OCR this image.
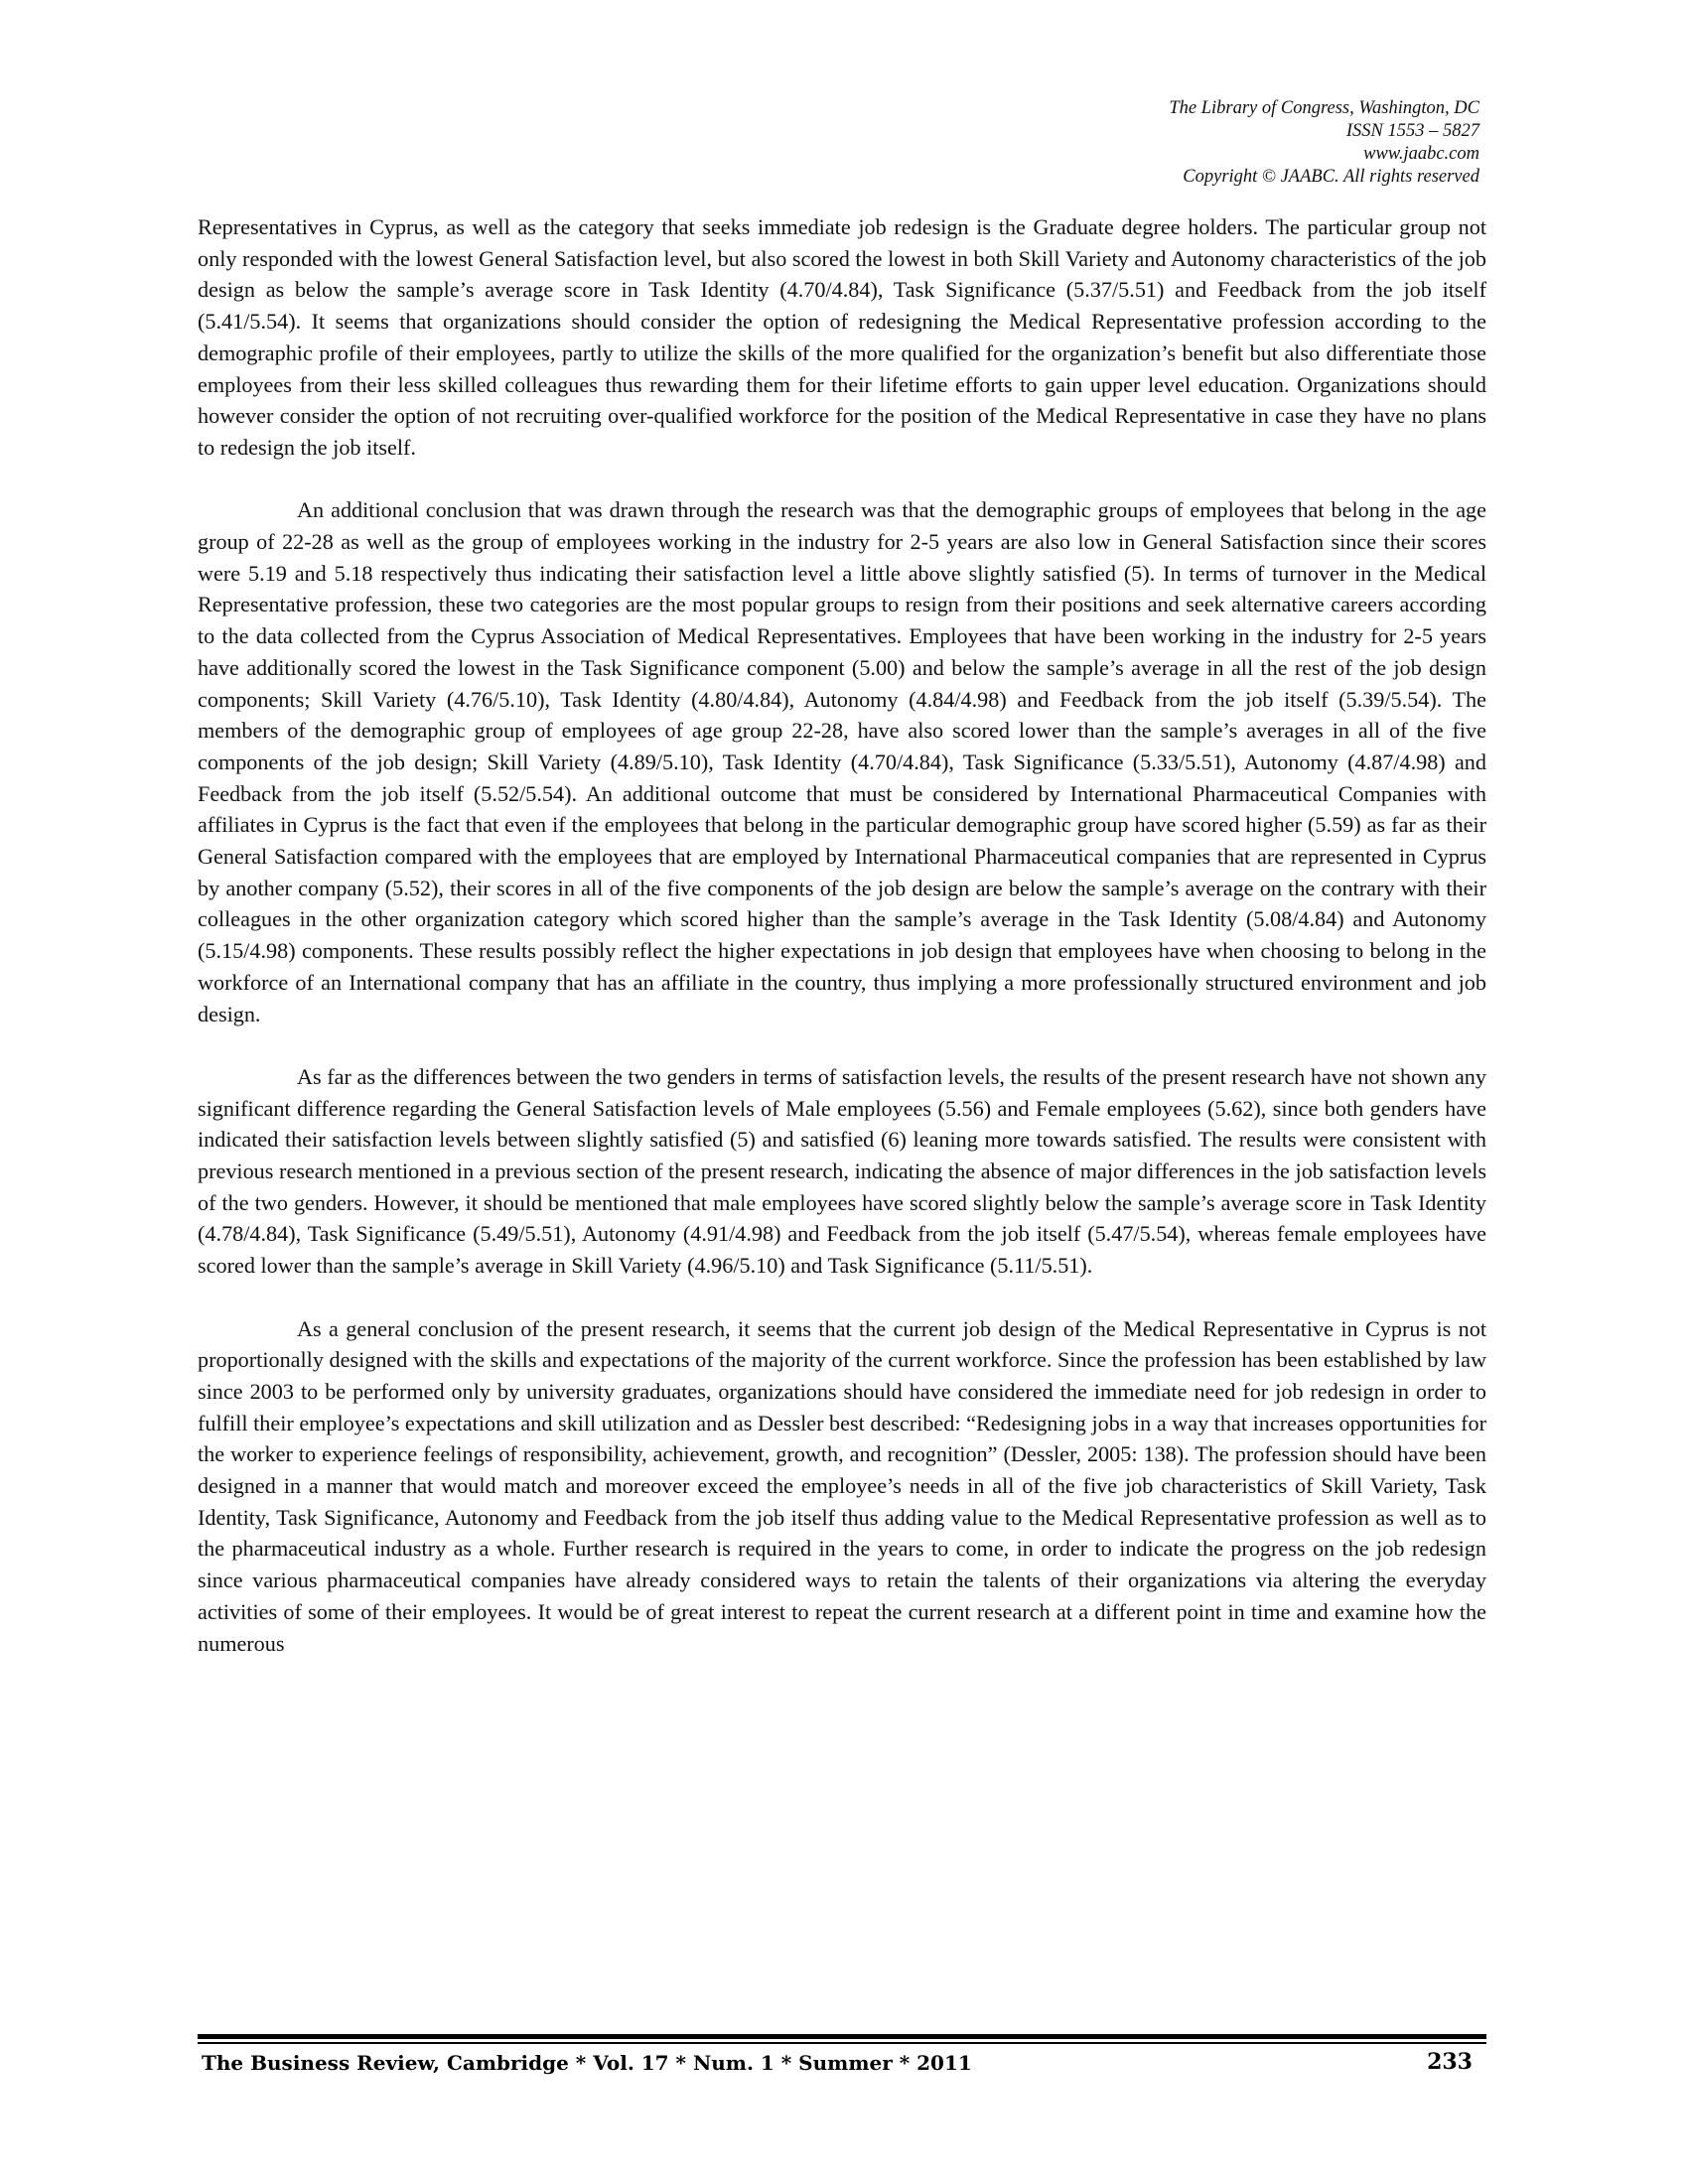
The Library of Congress, Washington, DC
ISSN 1553 – 5827
www.jaabc.com
Copyright © JAABC. All rights reserved

Representatives in Cyprus, as well as the category that seeks immediate job redesign is the Graduate degree holders. The particular group not only responded with the lowest General Satisfaction level, but also scored the lowest in both Skill Variety and Autonomy characteristics of the job design as below the sample’s average score in Task Identity (4.70/4.84), Task Significance (5.37/5.51) and Feedback from the job itself (5.41/5.54). It seems that organizations should consider the option of redesigning the Medical Representative profession according to the demographic profile of their employees, partly to utilize the skills of the more qualified for the organization’s benefit but also differentiate those employees from their less skilled colleagues thus rewarding them for their lifetime efforts to gain upper level education. Organizations should however consider the option of not recruiting over-qualified workforce for the position of the Medical Representative in case they have no plans to redesign the job itself.

An additional conclusion that was drawn through the research was that the demographic groups of employees that belong in the age group of 22-28 as well as the group of employees working in the industry for 2-5 years are also low in General Satisfaction since their scores were 5.19 and 5.18 respectively thus indicating their satisfaction level a little above slightly satisfied (5). In terms of turnover in the Medical Representative profession, these two categories are the most popular groups to resign from their positions and seek alternative careers according to the data collected from the Cyprus Association of Medical Representatives. Employees that have been working in the industry for 2-5 years have additionally scored the lowest in the Task Significance component (5.00) and below the sample’s average in all the rest of the job design components; Skill Variety (4.76/5.10), Task Identity (4.80/4.84), Autonomy (4.84/4.98) and Feedback from the job itself (5.39/5.54). The members of the demographic group of employees of age group 22-28, have also scored lower than the sample’s averages in all of the five components of the job design; Skill Variety (4.89/5.10), Task Identity (4.70/4.84), Task Significance (5.33/5.51), Autonomy (4.87/4.98) and Feedback from the job itself (5.52/5.54). An additional outcome that must be considered by International Pharmaceutical Companies with affiliates in Cyprus is the fact that even if the employees that belong in the particular demographic group have scored higher (5.59) as far as their General Satisfaction compared with the employees that are employed by International Pharmaceutical companies that are represented in Cyprus by another company (5.52), their scores in all of the five components of the job design are below the sample’s average on the contrary with their colleagues in the other organization category which scored higher than the sample’s average in the Task Identity (5.08/4.84) and Autonomy (5.15/4.98) components. These results possibly reflect the higher expectations in job design that employees have when choosing to belong in the workforce of an International company that has an affiliate in the country, thus implying a more professionally structured environment and job design.

As far as the differences between the two genders in terms of satisfaction levels, the results of the present research have not shown any significant difference regarding the General Satisfaction levels of Male employees (5.56) and Female employees (5.62), since both genders have indicated their satisfaction levels between slightly satisfied (5) and satisfied (6) leaning more towards satisfied. The results were consistent with previous research mentioned in a previous section of the present research, indicating the absence of major differences in the job satisfaction levels of the two genders. However, it should be mentioned that male employees have scored slightly below the sample’s average score in Task Identity (4.78/4.84), Task Significance (5.49/5.51), Autonomy (4.91/4.98) and Feedback from the job itself (5.47/5.54), whereas female employees have scored lower than the sample’s average in Skill Variety (4.96/5.10) and Task Significance (5.11/5.51).

As a general conclusion of the present research, it seems that the current job design of the Medical Representative in Cyprus is not proportionally designed with the skills and expectations of the majority of the current workforce. Since the profession has been established by law since 2003 to be performed only by university graduates, organizations should have considered the immediate need for job redesign in order to fulfill their employee’s expectations and skill utilization and as Dessler best described: “Redesigning jobs in a way that increases opportunities for the worker to experience feelings of responsibility, achievement, growth, and recognition” (Dessler, 2005: 138). The profession should have been designed in a manner that would match and moreover exceed the employee’s needs in all of the five job characteristics of Skill Variety, Task Identity, Task Significance, Autonomy and Feedback from the job itself thus adding value to the Medical Representative profession as well as to the pharmaceutical industry as a whole. Further research is required in the years to come, in order to indicate the progress on the job redesign since various pharmaceutical companies have already considered ways to retain the talents of their organizations via altering the everyday activities of some of their employees. It would be of great interest to repeat the current research at a different point in time and examine how the numerous

The Business Review, Cambridge * Vol. 17 * Num. 1 * Summer * 2011	233
